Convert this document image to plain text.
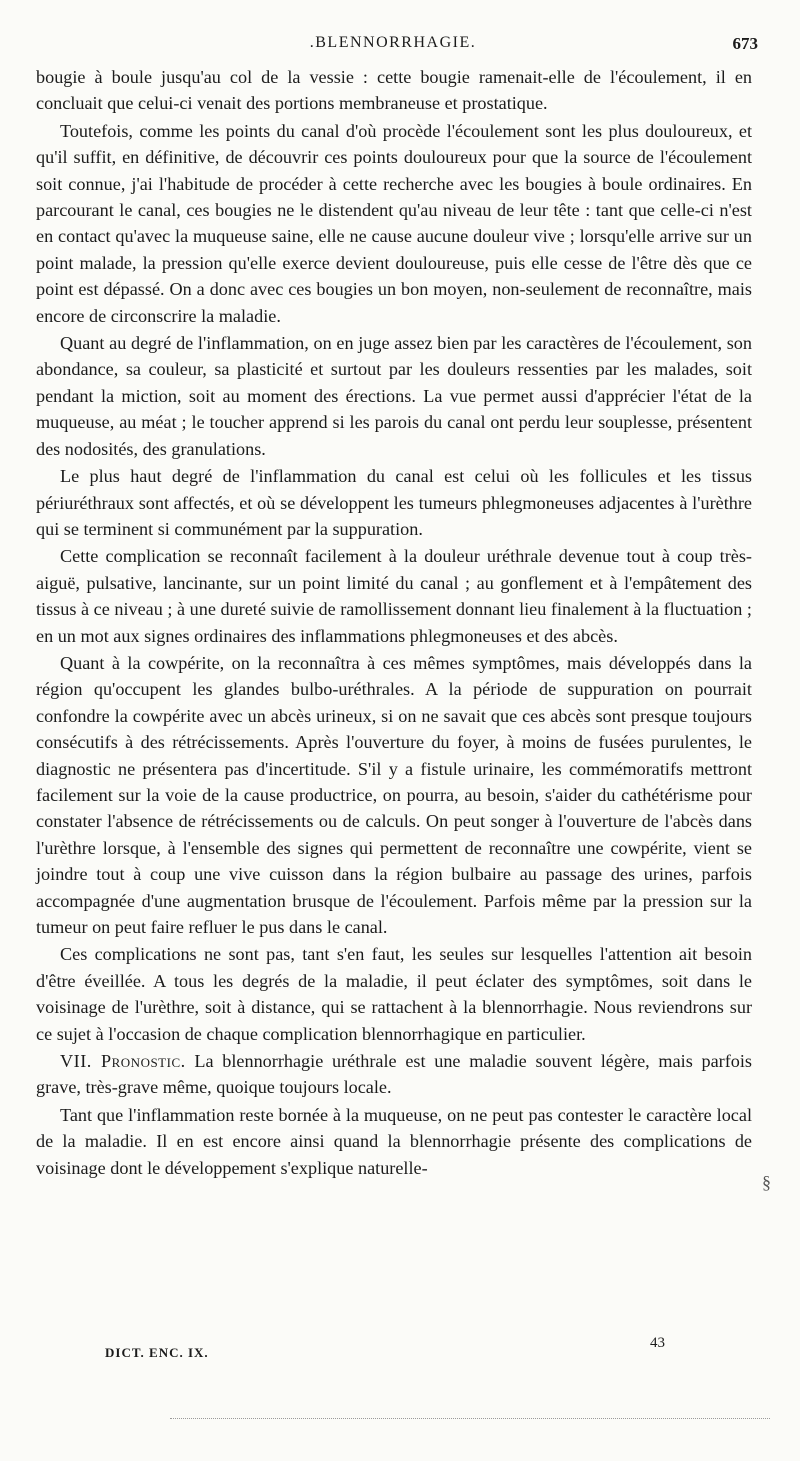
.BLENNORRHAGIE.	673

bougie à boule jusqu'au col de la vessie : cette bougie ramenait-elle de l'écoulement, il en concluait que celui-ci venait des portions membraneuse et prostatique.

Toutefois, comme les points du canal d'où procède l'écoulement sont les plus douloureux, et qu'il suffit, en définitive, de découvrir ces points douloureux pour que la source de l'écoulement soit connue, j'ai l'habitude de procéder à cette recherche avec les bougies à boule ordinaires. En parcourant le canal, ces bougies ne le distendent qu'au niveau de leur tête : tant que celle-ci n'est en contact qu'avec la muqueuse saine, elle ne cause aucune douleur vive ; lorsqu'elle arrive sur un point malade, la pression qu'elle exerce devient douloureuse, puis elle cesse de l'être dès que ce point est dépassé. On a donc avec ces bougies un bon moyen, non-seulement de reconnaître, mais encore de circonscrire la maladie.

Quant au degré de l'inflammation, on en juge assez bien par les caractères de l'écoulement, son abondance, sa couleur, sa plasticité et surtout par les douleurs ressenties par les malades, soit pendant la miction, soit au moment des érections. La vue permet aussi d'apprécier l'état de la muqueuse, au méat ; le toucher apprend si les parois du canal ont perdu leur souplesse, présentent des nodosités, des granulations.

Le plus haut degré de l'inflammation du canal est celui où les follicules et les tissus périuréthraux sont affectés, et où se développent les tumeurs phlegmoneuses adjacentes à l'urèthre qui se terminent si communément par la suppuration.

Cette complication se reconnaît facilement à la douleur uréthrale devenue tout à coup très-aiguë, pulsative, lancinante, sur un point limité du canal ; au gonflement et à l'empâtement des tissus à ce niveau ; à une dureté suivie de ramollissement donnant lieu finalement à la fluctuation ; en un mot aux signes ordinaires des inflammations phlegmoneuses et des abcès.

Quant à la cowpérite, on la reconnaîtra à ces mêmes symptômes, mais développés dans la région qu'occupent les glandes bulbo-uréthrales. A la période de suppuration on pourrait confondre la cowpérite avec un abcès urineux, si on ne savait que ces abcès sont presque toujours consécutifs à des rétrécissements. Après l'ouverture du foyer, à moins de fusées purulentes, le diagnostic ne présentera pas d'incertitude. S'il y a fistule urinaire, les commémoratifs mettront facilement sur la voie de la cause productrice, on pourra, au besoin, s'aider du cathétérisme pour constater l'absence de rétrécissements ou de calculs. On peut songer à l'ouverture de l'abcès dans l'urèthre lorsque, à l'ensemble des signes qui permettent de reconnaître une cowpérite, vient se joindre tout à coup une vive cuisson dans la région bulbaire au passage des urines, parfois accompagnée d'une augmentation brusque de l'écoulement. Parfois même par la pression sur la tumeur on peut faire refluer le pus dans le canal.

Ces complications ne sont pas, tant s'en faut, les seules sur lesquelles l'attention ait besoin d'être éveillée. A tous les degrés de la maladie, il peut éclater des symptômes, soit dans le voisinage de l'urèthre, soit à distance, qui se rattachent à la blennorrhagie. Nous reviendrons sur ce sujet à l'occasion de chaque complication blennorrhagique en particulier.

VII. Pronostic. La blennorrhagie uréthrale est une maladie souvent légère, mais parfois grave, très-grave même, quoique toujours locale.

Tant que l'inflammation reste bornée à la muqueuse, on ne peut pas contester le caractère local de la maladie. Il en est encore ainsi quand la blennorrhagie présente des complications de voisinage dont le développement s'explique naturelle-

§
DICT. ENC. IX.
43
